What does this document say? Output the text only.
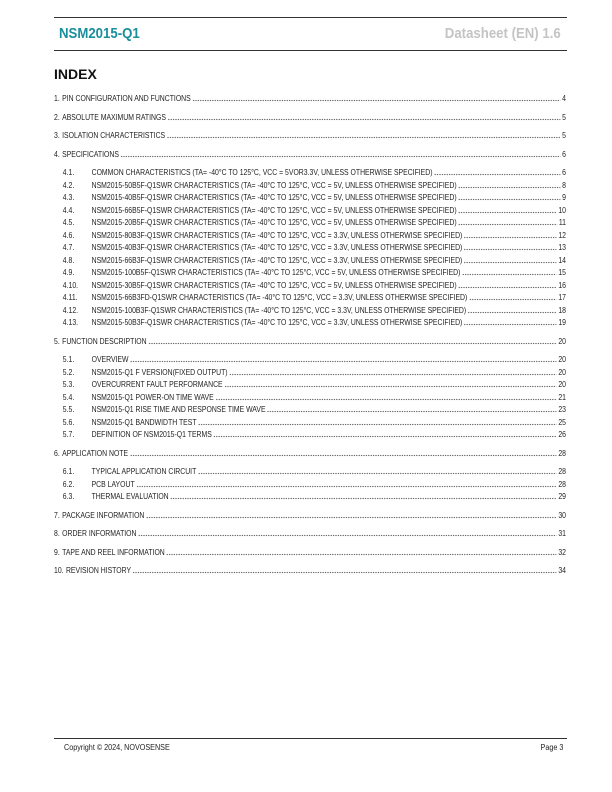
NSM2015-Q1	Datasheet (EN) 1.6
INDEX
1. PIN CONFIGURATION AND FUNCTIONS	4
2. ABSOLUTE MAXIMUM RATINGS	5
3. ISOLATION CHARACTERISTICS	5
4. SPECIFICATIONS	6
4.1.	COMMON CHARACTERISTICS (TA= -40°C TO 125°C, VCC = 5VOR3.3V, UNLESS OTHERWISE SPECIFIED)	6
4.2.	NSM2015-50B5F-Q1SWR CHARACTERISTICS (TA= -40°C TO 125°C, VCC = 5V, UNLESS OTHERWISE SPECIFIED)	8
4.3.	NSM2015-40B5F-Q1SWR CHARACTERISTICS (TA= -40°C TO 125°C, VCC = 5V, UNLESS OTHERWISE SPECIFIED)	9
4.4.	NSM2015-66B5F-Q1SWR CHARACTERISTICS (TA= -40°C TO 125°C, VCC = 5V, UNLESS OTHERWISE SPECIFIED)	10
4.5.	NSM2015-20B5F-Q1SWR CHARACTERISTICS (TA= -40°C TO 125°C, VCC = 5V, UNLESS OTHERWISE SPECIFIED)	11
4.6.	NSM2015-80B3F-Q1SWR CHARACTERISTICS (TA= -40°C TO 125°C, VCC = 3.3V, UNLESS OTHERWISE SPECIFIED)	12
4.7.	NSM2015-40B3F-Q1SWR CHARACTERISTICS (TA= -40°C TO 125°C, VCC = 3.3V, UNLESS OTHERWISE SPECIFIED)	13
4.8.	NSM2015-66B3F-Q1SWR CHARACTERISTICS (TA= -40°C TO 125°C, VCC = 3.3V, UNLESS OTHERWISE SPECIFIED)	14
4.9.	NSM2015-100B5F-Q1SWR CHARACTERISTICS (TA= -40°C TO 125°C, VCC = 5V, UNLESS OTHERWISE SPECIFIED)	15
4.10.	NSM2015-30B5F-Q1SWR CHARACTERISTICS (TA= -40°C TO 125°C, VCC = 5V, UNLESS OTHERWISE SPECIFIED)	16
4.11.	NSM2015-66B3FD-Q1SWR CHARACTERISTICS (TA= -40°C TO 125°C, VCC = 3.3V, UNLESS OTHERWISE SPECIFIED)	17
4.12.	NSM2015-100B3F-Q1SWR CHARACTERISTICS (TA= -40°C TO 125°C, VCC = 3.3V, UNLESS OTHERWISE SPECIFIED)	18
4.13.	NSM2015-50B3F-Q1SWR CHARACTERISTICS (TA= -40°C TO 125°C, VCC = 3.3V, UNLESS OTHERWISE SPECIFIED)	19
5. FUNCTION DESCRIPTION	20
5.1.	OVERVIEW	20
5.2.	NSM2015-Q1 F VERSION(FIXED OUTPUT)	20
5.3.	OVERCURRENT FAULT PERFORMANCE	20
5.4.	NSM2015-Q1 POWER-ON TIME WAVE	21
5.5.	NSM2015-Q1 RISE TIME AND RESPONSE TIME WAVE	23
5.6.	NSM2015-Q1 BANDWIDTH TEST	25
5.7.	DEFINITION OF NSM2015-Q1 TERMS	26
6. APPLICATION NOTE	28
6.1.	TYPICAL APPLICATION CIRCUIT	28
6.2.	PCB LAYOUT	28
6.3.	THERMAL EVALUATION	29
7. PACKAGE INFORMATION	30
8. ORDER INFORMATION	31
9. TAPE AND REEL INFORMATION	32
10. REVISION HISTORY	34
Copyright © 2024, NOVOSENSE	Page 3
